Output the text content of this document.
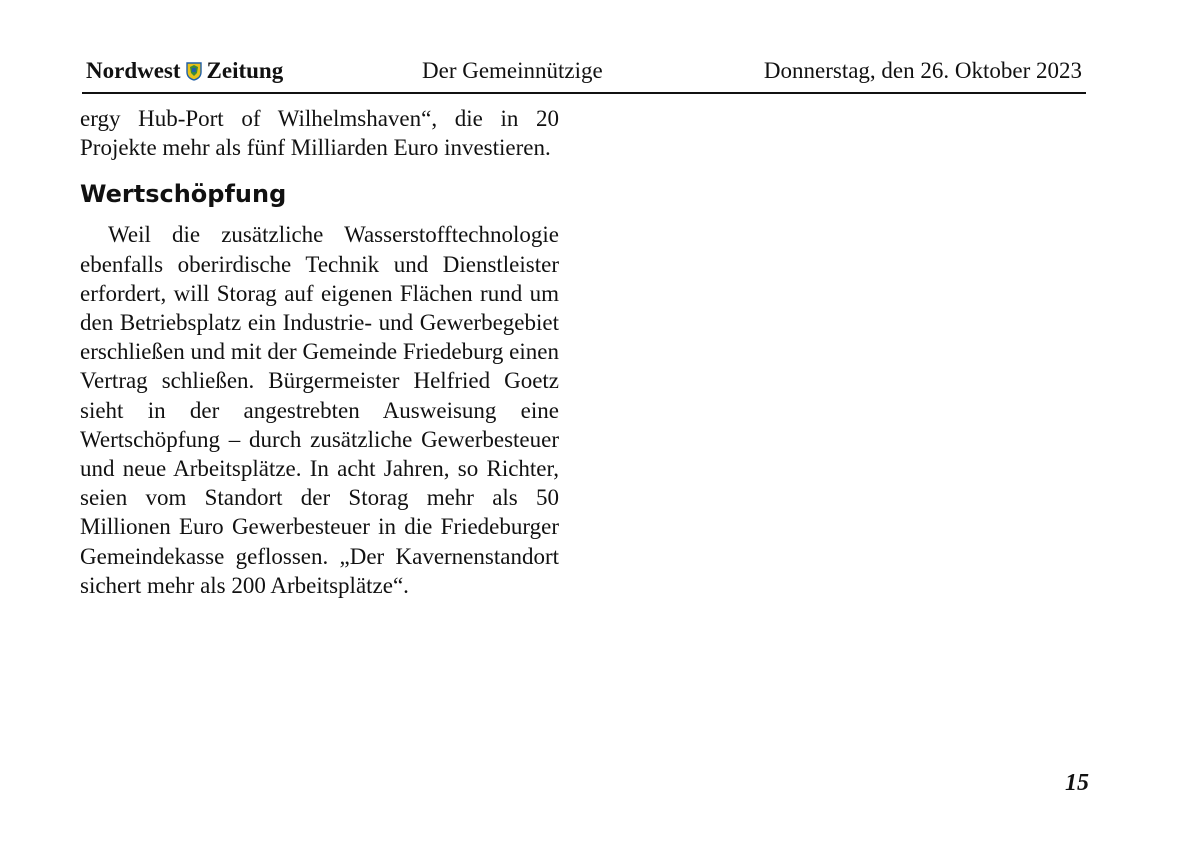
Nordwest Zeitung	Der Gemeinnützige	Donnerstag, den 26. Oktober 2023

ergy Hub-Port of Wilhelmshaven“, die in 20 Projekte mehr als fünf Milliarden Euro investieren.

Wertschöpfung

Weil die zusätzliche Wasserstofftechnologie ebenfalls oberirdische Technik und Dienstleister erfordert, will Storag auf eigenen Flächen rund um den Betriebsplatz ein Industrie- und Gewerbegebiet erschließen und mit der Gemeinde Friedeburg einen Vertrag schließen. Bürgermeister Helfried Goetz sieht in der angestrebten Ausweisung eine Wertschöpfung – durch zusätzliche Gewerbesteuer und neue Arbeitsplätze. In acht Jahren, so Richter, seien vom Standort der Storag mehr als 50 Millionen Euro Gewerbesteuer in die Friedeburger Gemeindekasse geflossen. „Der Kavernenstandort sichert mehr als 200 Arbeitsplätze“.

15
